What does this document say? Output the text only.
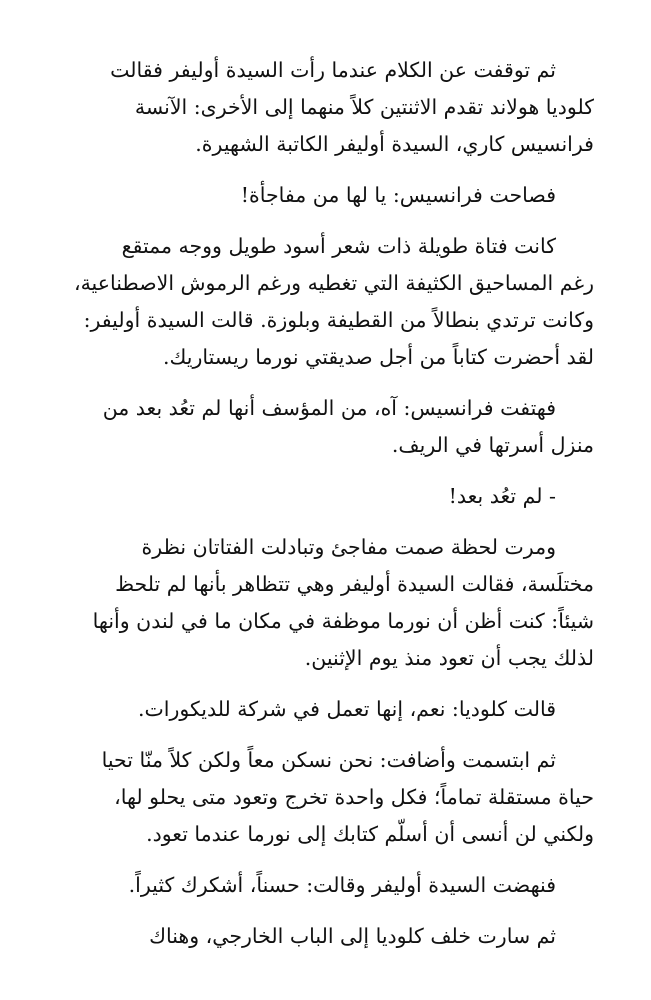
ثم توقفت عن الكلام عندما رأت السيدة أوليفر فقالت
كلوديا هولاند تقدم الاثنتين كلاً منهما إلى الأخرى: الآنسة
فرانسيس كاري، السيدة أوليفر الكاتبة الشهيرة.

فصاحت فرانسيس: يا لها من مفاجأة!

كانت فتاة طويلة ذات شعر أسود طويل ووجه ممتقع
رغم المساحيق الكثيفة التي تغطيه ورغم الرموش الاصطناعية،
وكانت ترتدي بنطالاً من القطيفة وبلوزة. قالت السيدة أوليفر:
لقد أحضرت كتاباً من أجل صديقتي نورما ريستاريك.

فهتفت فرانسيس: آه، من المؤسف أنها لم تعُد بعد من
منزل أسرتها في الريف.

- لم تعُد بعد!

ومرت لحظة صمت مفاجئ وتبادلت الفتاتان نظرة
مختلَسة، فقالت السيدة أوليفر وهي تتظاهر بأنها لم تلحظ
شيئاً: كنت أظن أن نورما موظفة في مكان ما في لندن وأنها
لذلك يجب أن تعود منذ يوم الإثنين.

قالت كلوديا: نعم، إنها تعمل في شركة للديكورات.

ثم ابتسمت وأضافت: نحن نسكن معاً ولكن كلاً منّا تحيا
حياة مستقلة تماماً؛ فكل واحدة تخرج وتعود متى يحلو لها،
ولكني لن أنسى أن أسلّم كتابك إلى نورما عندما تعود.

فنهضت السيدة أوليفر وقالت: حسناً، أشكرك كثيراً.

ثم سارت خلف كلوديا إلى الباب الخارجي، وهناك
